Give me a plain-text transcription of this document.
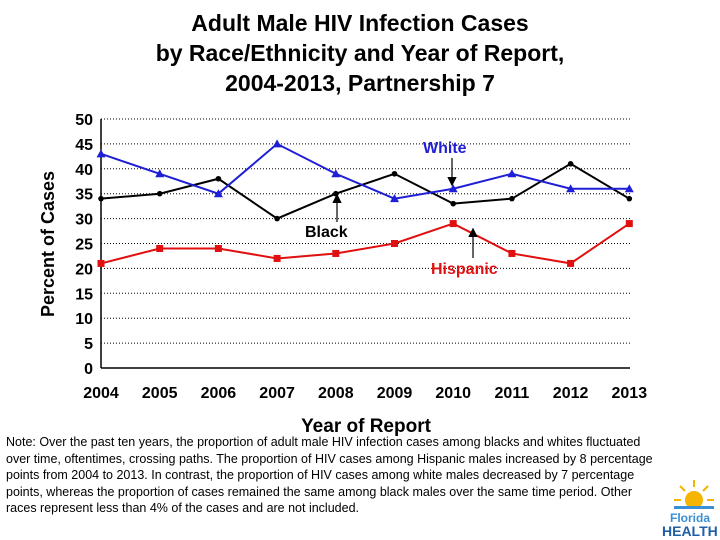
Adult Male HIV Infection Cases
by Race/Ethnicity and Year of Report,
2004-2013, Partnership 7
0
5
10
15
20
25
30
35
40
45
50
2004 2005 2006 2007 2008 2009 2010 2011 2012 2013
Year of Report
Percent of Cases
White
Black
Hispanic
Note: Over the past ten years, the proportion of adult male HIV infection cases among blacks and whites fluctuated over time, oftentimes, crossing paths. The proportion of HIV cases among Hispanic males increased by 8 percentage points from 2004 to 2013. In contrast, the proportion of HIV cases among white males decreased by 7 percentage points, whereas the proportion of cases remained the same among black males over the same time period. Other races represent less than 4% of the cases and are not included.
Florida
HEALTH
